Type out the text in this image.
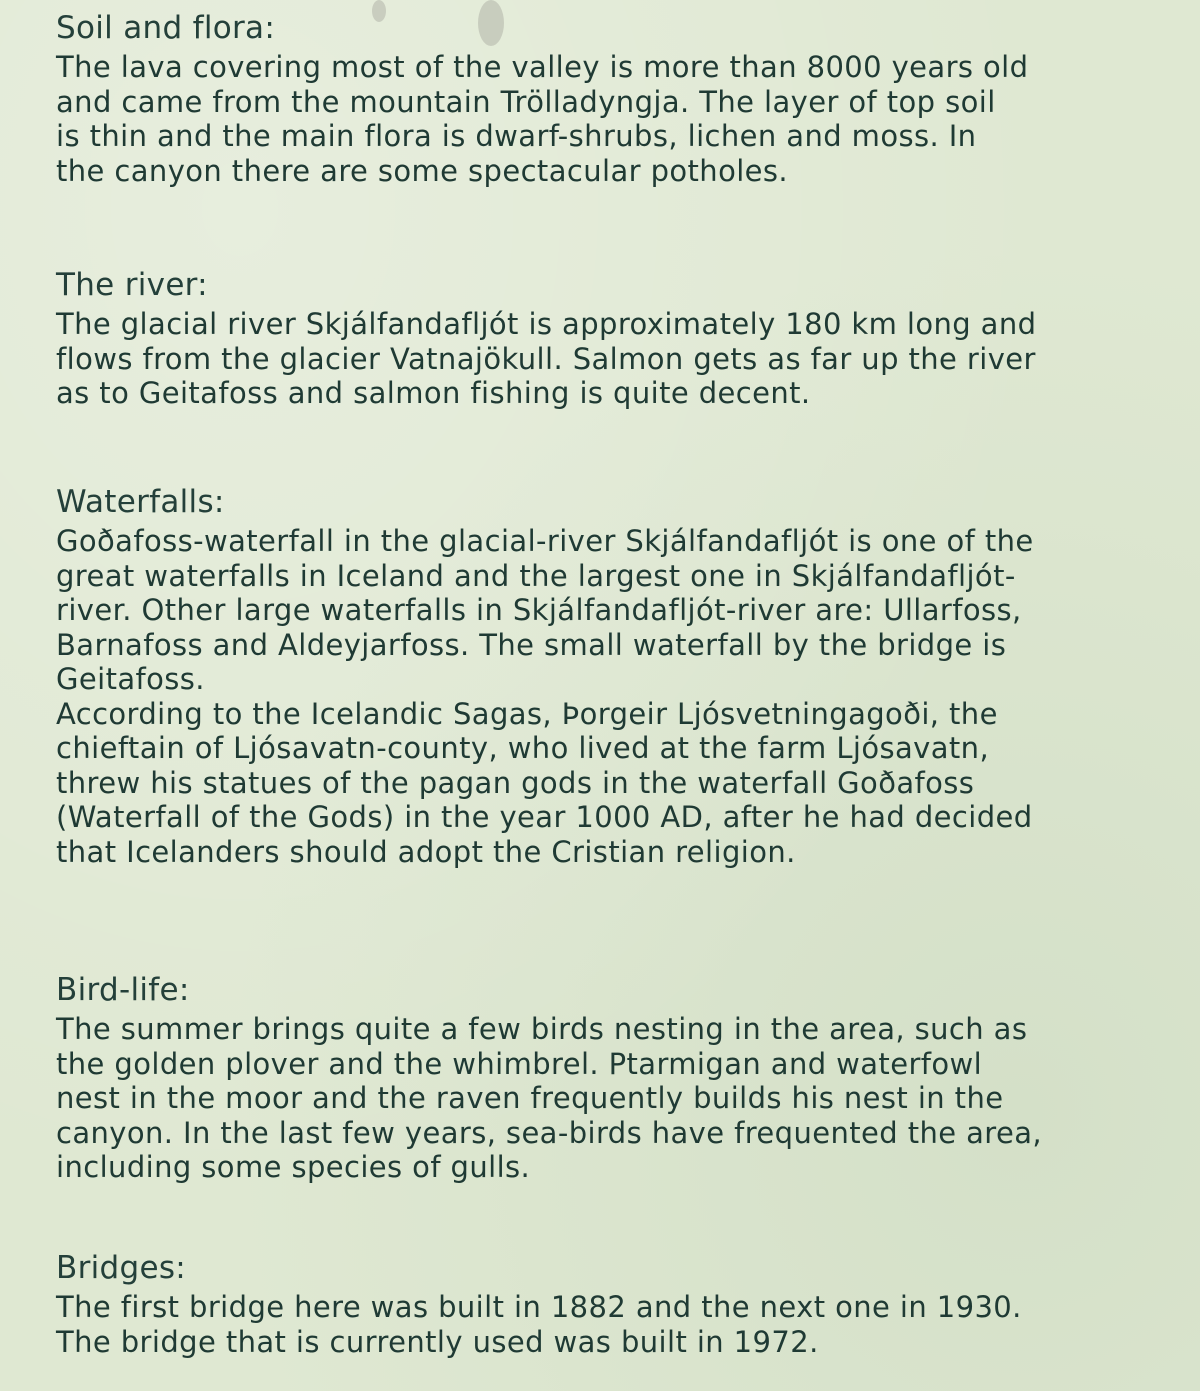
Soil and flora:
The lava covering most of the valley is more than 8000 years old
and came from the mountain Trölladyngja. The layer of top soil
is thin and the main flora is dwarf-shrubs, lichen and moss. In
the canyon there are some spectacular potholes.
The river:
The glacial river Skjálfandafljót is approximately 180 km long and
flows from the glacier Vatnajökull. Salmon gets as far up the river
as to Geitafoss and salmon fishing is quite decent.
Waterfalls:
Goðafoss-waterfall in the glacial-river Skjálfandafljót is one of the
great waterfalls in Iceland and the largest one in Skjálfandafljót-
river. Other large waterfalls in Skjálfandafljót-river are: Ullarfoss,
Barnafoss and Aldeyjarfoss. The small waterfall by the bridge is
Geitafoss.
According to the Icelandic Sagas, Þorgeir Ljósvetningagoði, the
chieftain of Ljósavatn-county, who lived at the farm Ljósavatn,
threw his statues of the pagan gods in the waterfall Goðafoss
(Waterfall of the Gods) in the year 1000 AD, after he had decided
that Icelanders should adopt the Cristian religion.
Bird-life:
The summer brings quite a few birds nesting in the area, such as
the golden plover and the whimbrel. Ptarmigan and waterfowl
nest in the moor and the raven frequently builds his nest in the
canyon. In the last few years, sea-birds have frequented the area,
including some species of gulls.
Bridges:
The first bridge here was built in 1882 and the next one in 1930.
The bridge that is currently used was built in 1972.
